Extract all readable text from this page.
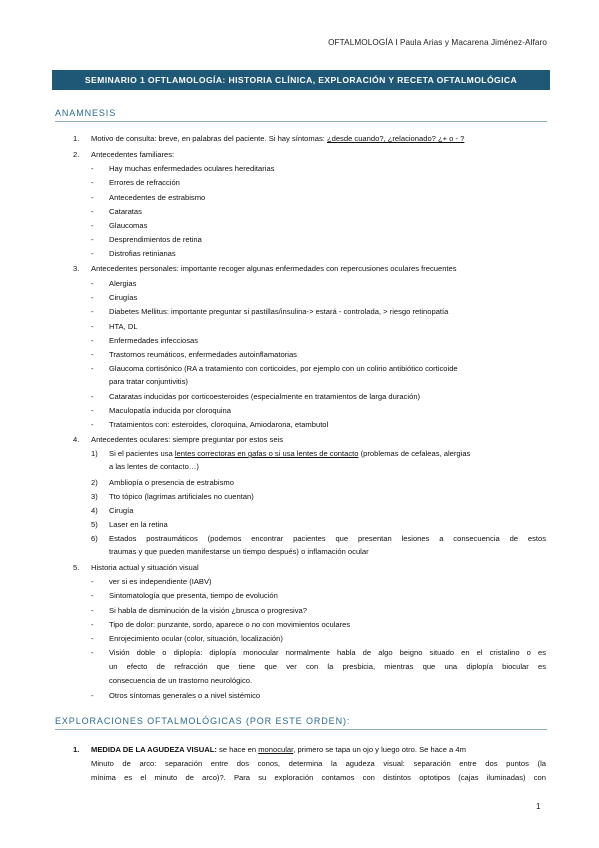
OFTALMOLOGÍA I Paula Arias y Macarena Jiménez-Alfaro
SEMINARIO 1 OFTLAMOLOGÍA: HISTORIA CLÍNICA, EXPLORACIÓN Y RECETA OFTALMOLÓGICA
ANAMNESIS
1. Motivo de consulta: breve, en palabras del paciente. Si hay síntomas: ¿desde cuando?, ¿relacionado? ¿+ o - ?
2. Antecedentes familiares:
- Hay muchas enfermedades oculares hereditarias
- Errores de refracción
- Antecedentes de estrabismo
- Cataratas
- Glaucomas
- Desprendimientos de retina
- Distrofias retinianas
3. Antecedentes personales: importante recoger algunas enfermedades con repercusiones oculares frecuentes
- Alergias
- Cirugías
- Diabetes Mellitus: importante preguntar si pastillas/insulina-> estará - controlada, > riesgo retinopatía
- HTA, DL
- Enfermedades infecciosas
- Trastornos reumáticos, enfermedades autoinflamatorias
- Glaucoma cortisónico (RA a tratamiento con corticoides, por ejemplo con un colirio antibiótico corticoide
para tratar conjuntivitis)
- Cataratas inducidas por corticoesteroides (especialmente en tratamientos de larga duración)
- Maculopatía inducida por cloroquina
- Tratamientos con: esteroides, cloroquina, Amiodarona, etambutol
4. Antecedentes oculares: siempre preguntar por estos seis
1) Si el pacientes usa lentes correctoras en gafas o si usa lentes de contacto (problemas de cefaleas, alergias
a las lentes de contacto…)
2) Ambliopía o presencia de estrabismo
3) Tto tópico (lagrimas artificiales no cuentan)
4) Cirugía
5) Laser en la retina
6) Estados postraumáticos (podemos encontrar pacientes que presentan lesiones a consecuencia de estos
traumas y que pueden manifestarse un tiempo después) o inflamación ocular
5. Historia actual y situación visual
- ver si es independiente (IABV)
- Sintomatología que presenta, tiempo de evolución
- Si habla de disminución de la visión ¿brusca o progresiva?
- Tipo de dolor: punzante, sordo, aparece o no con movimientos oculares
- Enrojecimiento ocular (color, situación, localización)
- Visión doble o diplopía: diplopía monocular normalmente habla de algo beigno situado en el cristalino o es
un efecto de refracción que tiene que ver con la presbicia, mientras que una diplopía biocular es
consecuencia de un trastorno neurológico.
- Otros síntomas generales o a nivel sistémico
EXPLORACIONES OFTALMOLÓGICAS (POR ESTE ORDEN):
1. MEDIDA DE LA AGUDEZA VISUAL: se hace en monocular, primero se tapa un ojo y luego otro. Se hace a 4m
Minuto de arco: separación entre dos conos, determina la agudeza visual: separación entre dos puntos (la
mínima es el minuto de arco)?. Para su exploración contamos con distintos optotipos (cajas iluminadas) con
1
